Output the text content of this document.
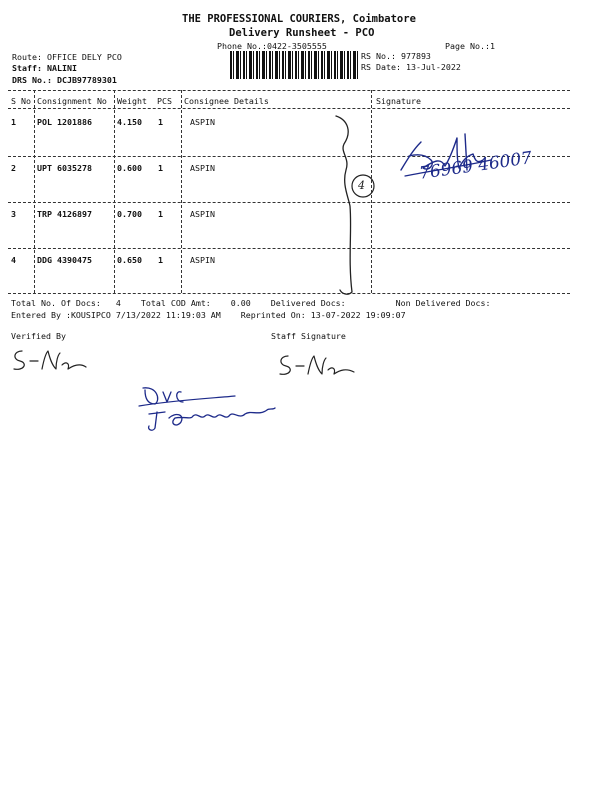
THE PROFESSIONAL COURIERS, Coimbatore
Delivery Runsheet - PCO
Phone No.:0422-3505555	Page No.:1
Route: OFFICE DELY PCO
Staff: NALINI
DRS No.: DCJB97789301
RS No.: 977893
RS Date: 13-Jul-2022
S No Consignment No Weight PCS Consignee Details	Signature
1	POL 1201886	4.150 1	ASPIN
2	UPT 6035278	0.600 1	ASPIN
3	TRP 4126897	0.700 1	ASPIN
4	DDG 4390475	0.650 1	ASPIN
Total No. Of Docs:   4    Total COD Amt:    0.00    Delivered Docs:          Non Delivered Docs:
Entered By :KOUSIPCO 7/13/2022 11:19:03 AM    Reprinted On: 13-07-2022 19:09:07
Verified By	Staff Signature
4
76969 46007
